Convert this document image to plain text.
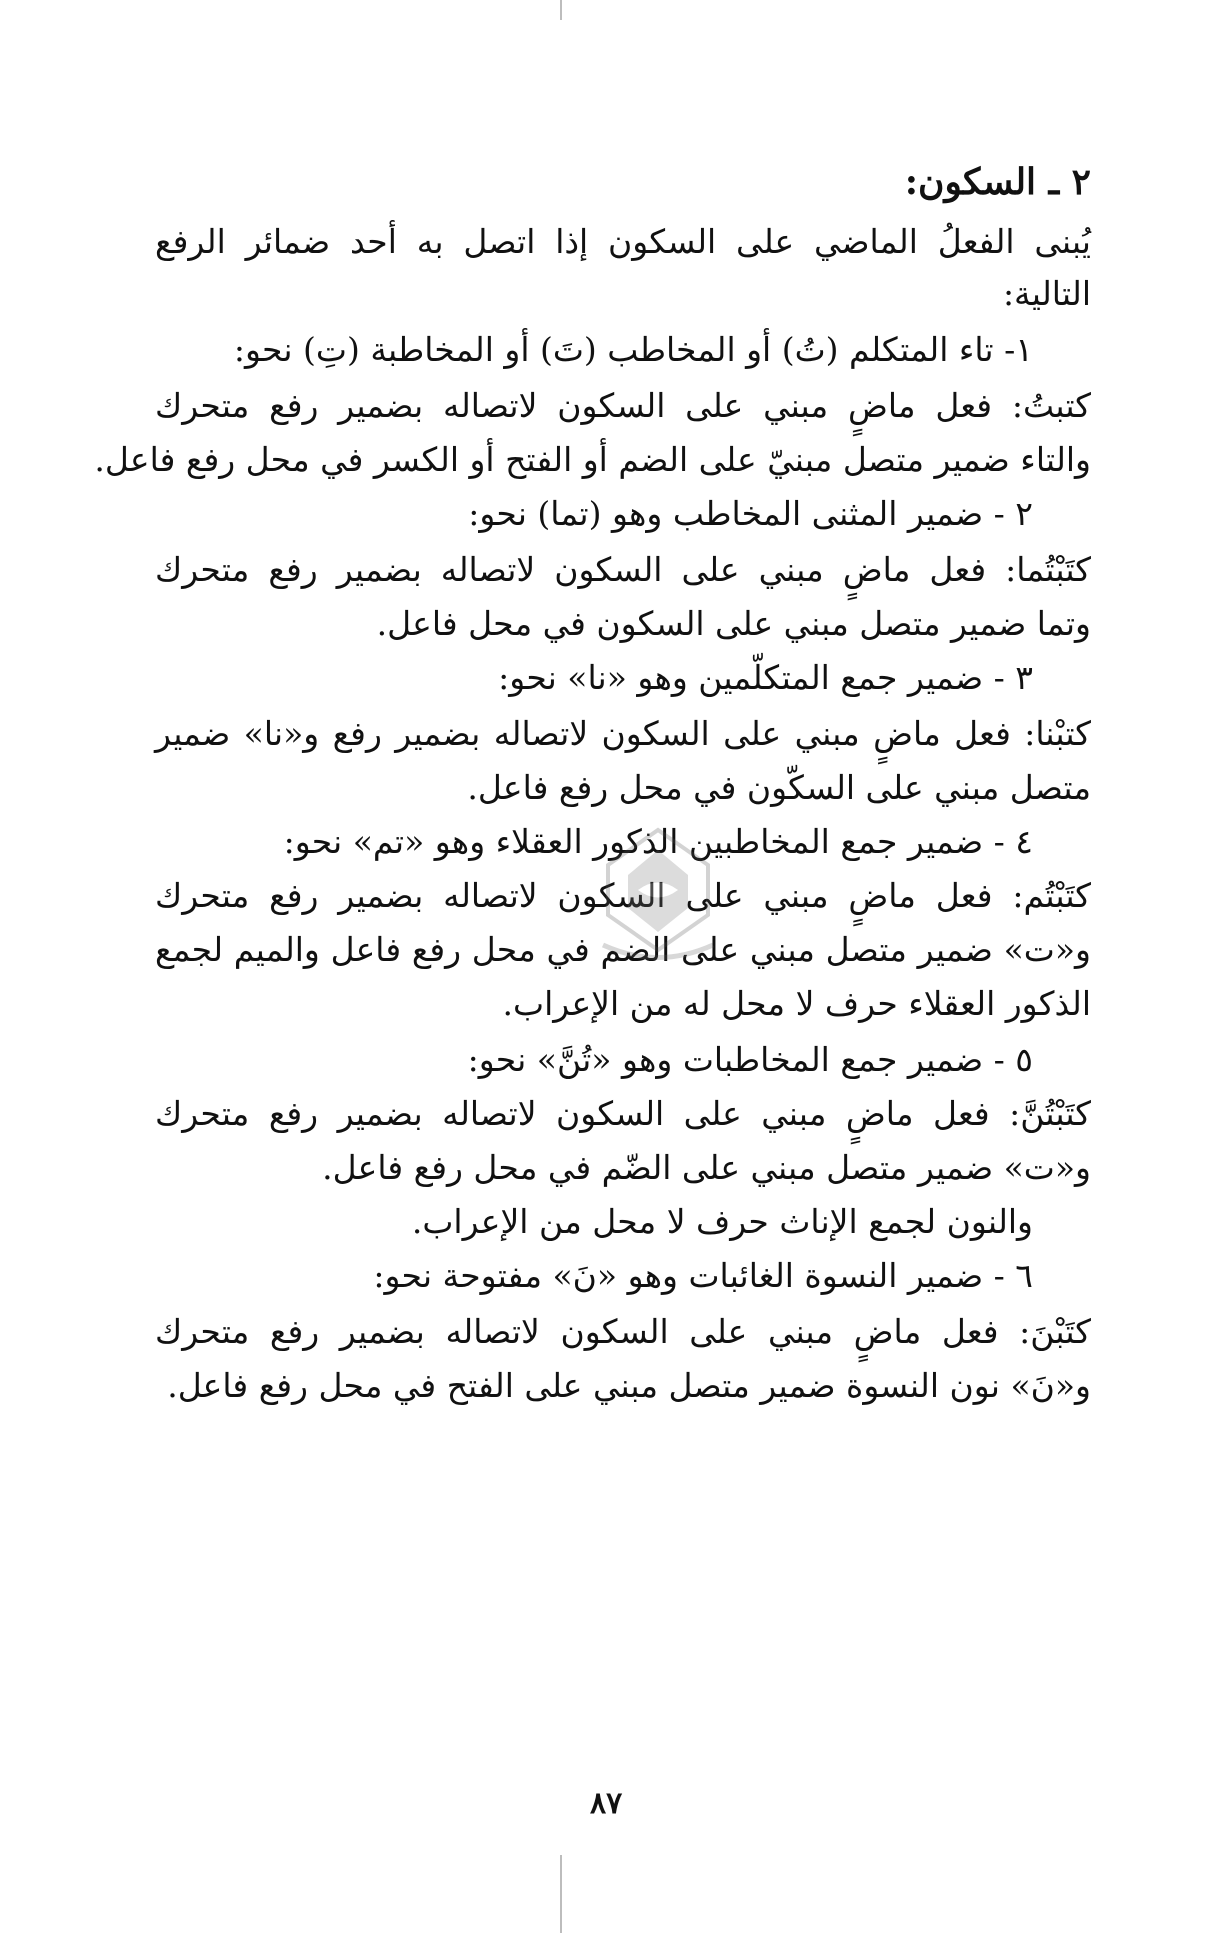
٢ ـ السكون:
يُبنى الفعلُ الماضي على السكون إذا اتصل به أحد ضمائر الرفع
التالية:
١- تاء المتكلم (تُ) أو المخاطب (تَ) أو المخاطبة (تِ) نحو:
كتبتُ: فعل ماضٍ مبني على السكون لاتصاله بضمير رفع متحرك
والتاء ضمير متصل مبنيّ على الضم أو الفتح أو الكسر في محل رفع فاعل.
٢ - ضمير المثنى المخاطب وهو (تما) نحو:
كتَبْتُما: فعل ماضٍ مبني على السكون لاتصاله بضمير رفع متحرك
وتما ضمير متصل مبني على السكون في محل فاعل.
٣ - ضمير جمع المتكلّمين وهو «نا» نحو:
كتبْنا: فعل ماضٍ مبني على السكون لاتصاله بضمير رفع و«نا» ضمير
متصل مبني على السكّون في محل رفع فاعل.
٤ - ضمير جمع المخاطبين الذكور العقلاء وهو «تم» نحو:
كتَبْتُم: فعل ماضٍ مبني على السكون لاتصاله بضمير رفع متحرك
و«ت» ضمير متصل مبني على الضم في محل رفع فاعل والميم لجمع
الذكور العقلاء حرف لا محل له من الإعراب.
٥ - ضمير جمع المخاطبات وهو «تُنَّ» نحو:
كتَبْتُنَّ: فعل ماضٍ مبني على السكون لاتصاله بضمير رفع متحرك
و«ت» ضمير متصل مبني على الضّم في محل رفع فاعل.
والنون لجمع الإناث حرف لا محل من الإعراب.
٦ - ضمير النسوة الغائبات وهو «نَ» مفتوحة نحو:
كتَبْنَ: فعل ماضٍ مبني على السكون لاتصاله بضمير رفع متحرك
و«نَ» نون النسوة ضمير متصل مبني على الفتح في محل رفع فاعل.
٨٧
